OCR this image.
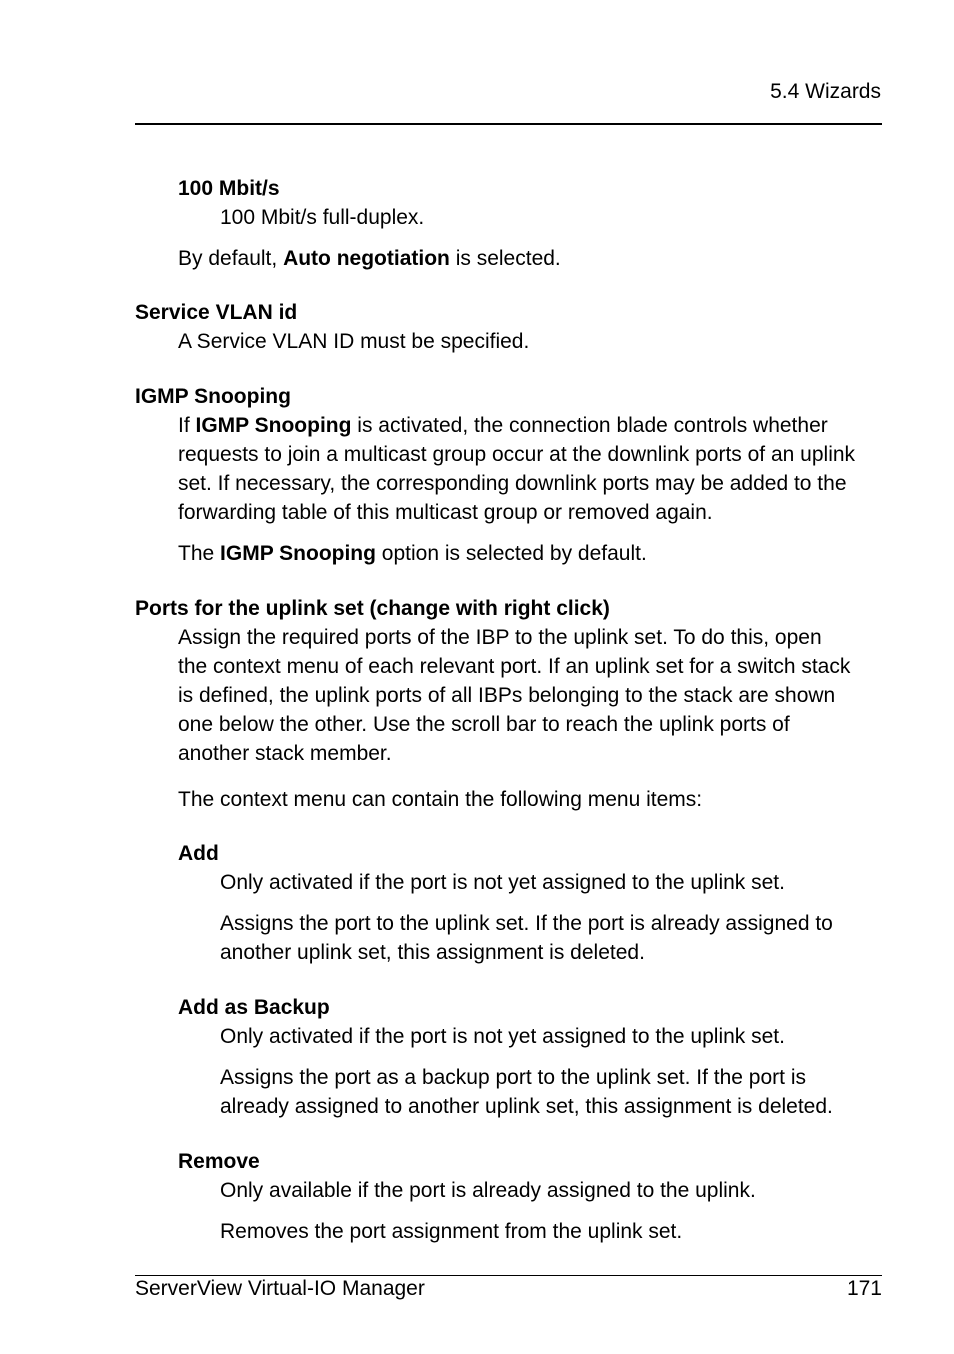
5.4 Wizards
100 Mbit/s
100 Mbit/s full-duplex.
By default, Auto negotiation is selected.
Service VLAN id
A Service VLAN ID must be specified.
IGMP Snooping
If IGMP Snooping is activated, the connection blade controls whether
requests to join a multicast group occur at the downlink ports of an uplink
set. If necessary, the corresponding downlink ports may be added to the
forwarding table of this multicast group or removed again.
The IGMP Snooping option is selected by default.
Ports for the uplink set (change with right click)
Assign the required ports of the IBP to the uplink set. To do this, open
the context menu of each relevant port. If an uplink set for a switch stack
is defined, the uplink ports of all IBPs belonging to the stack are shown
one below the other. Use the scroll bar to reach the uplink ports of
another stack member.
The context menu can contain the following menu items:
Add
Only activated if the port is not yet assigned to the uplink set.
Assigns the port to the uplink set. If the port is already assigned to
another uplink set, this assignment is deleted.
Add as Backup
Only activated if the port is not yet assigned to the uplink set.
Assigns the port as a backup port to the uplink set. If the port is
already assigned to another uplink set, this assignment is deleted.
Remove
Only available if the port is already assigned to the uplink.
Removes the port assignment from the uplink set.
ServerView Virtual-IO Manager	171
